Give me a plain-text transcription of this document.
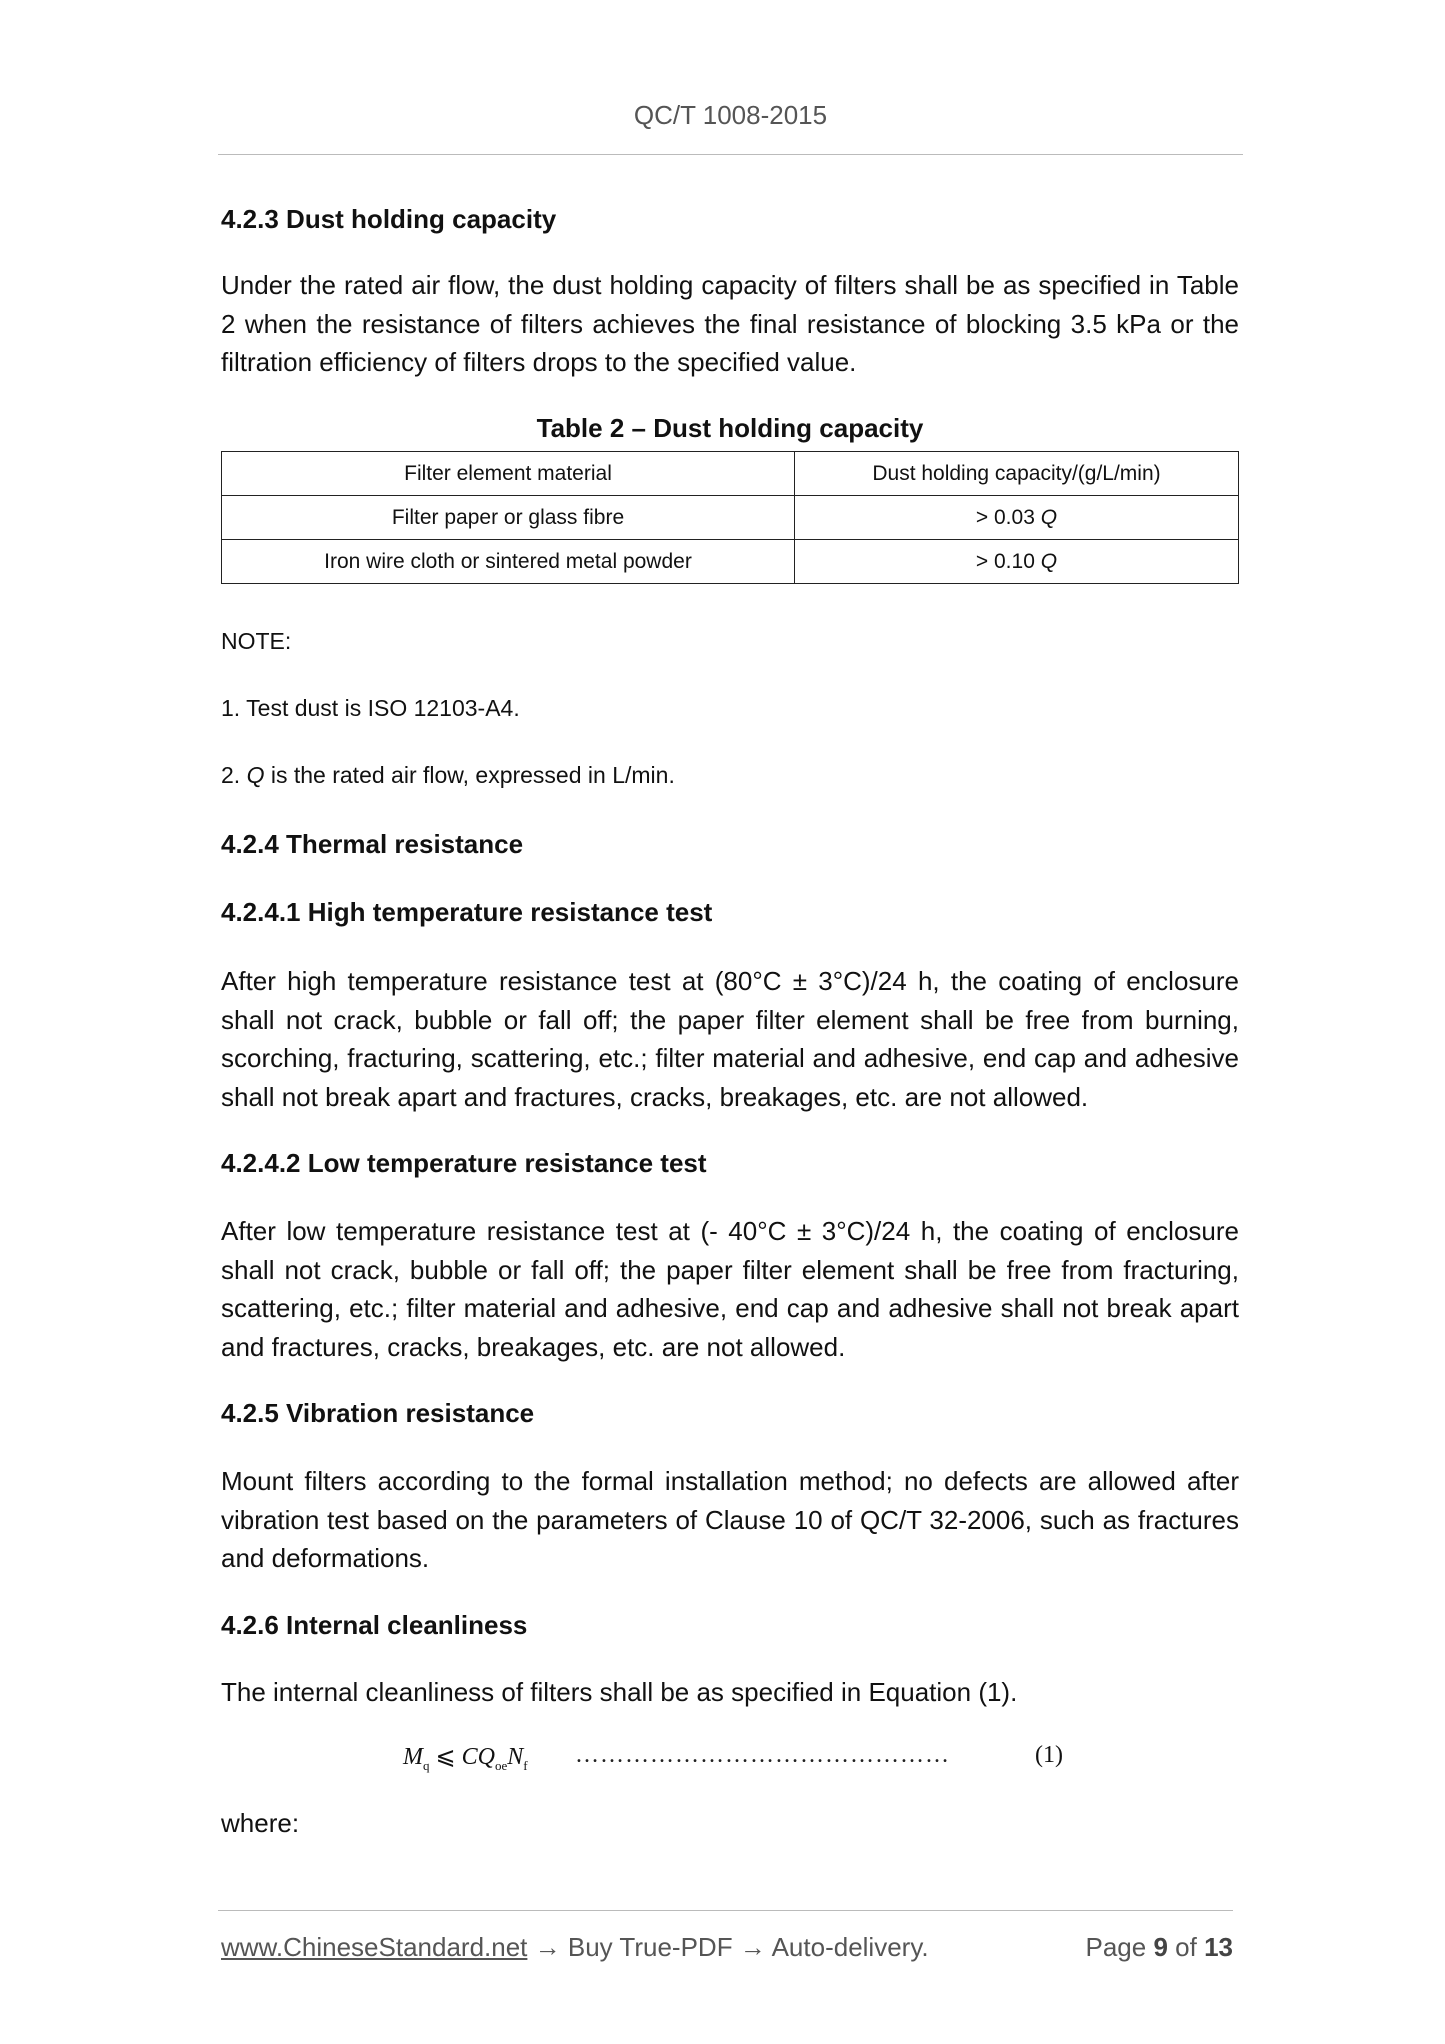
QC/T 1008-2015
4.2.3 Dust holding capacity
Under the rated air flow, the dust holding capacity of filters shall be as specified in Table 2 when the resistance of filters achieves the final resistance of blocking 3.5 kPa or the filtration efficiency of filters drops to the specified value.
Table 2 – Dust holding capacity
Filter element material	Dust holding capacity/(g/L/min)
Filter paper or glass fibre	> 0.03 Q
Iron wire cloth or sintered metal powder	> 0.10 Q
NOTE:
1. Test dust is ISO 12103-A4.
2. Q is the rated air flow, expressed in L/min.
4.2.4 Thermal resistance
4.2.4.1 High temperature resistance test
After high temperature resistance test at (80°C ± 3°C)/24 h, the coating of enclosure shall not crack, bubble or fall off; the paper filter element shall be free from burning, scorching, fracturing, scattering, etc.; filter material and adhesive, end cap and adhesive shall not break apart and fractures, cracks, breakages, etc. are not allowed.
4.2.4.2 Low temperature resistance test
After low temperature resistance test at (- 40°C ± 3°C)/24 h, the coating of enclosure shall not crack, bubble or fall off; the paper filter element shall be free from fracturing, scattering, etc.; filter material and adhesive, end cap and adhesive shall not break apart and fractures, cracks, breakages, etc. are not allowed.
4.2.5 Vibration resistance
Mount filters according to the formal installation method; no defects are allowed after vibration test based on the parameters of Clause 10 of QC/T 32-2006, such as fractures and deformations.
4.2.6 Internal cleanliness
The internal cleanliness of filters shall be as specified in Equation (1).
$M_q$ ⩽ $CQ_{oe}N_f$ ………………………………………	(1)
where:
www.ChineseStandard.net → Buy True-PDF → Auto-delivery.	Page 9 of 13
